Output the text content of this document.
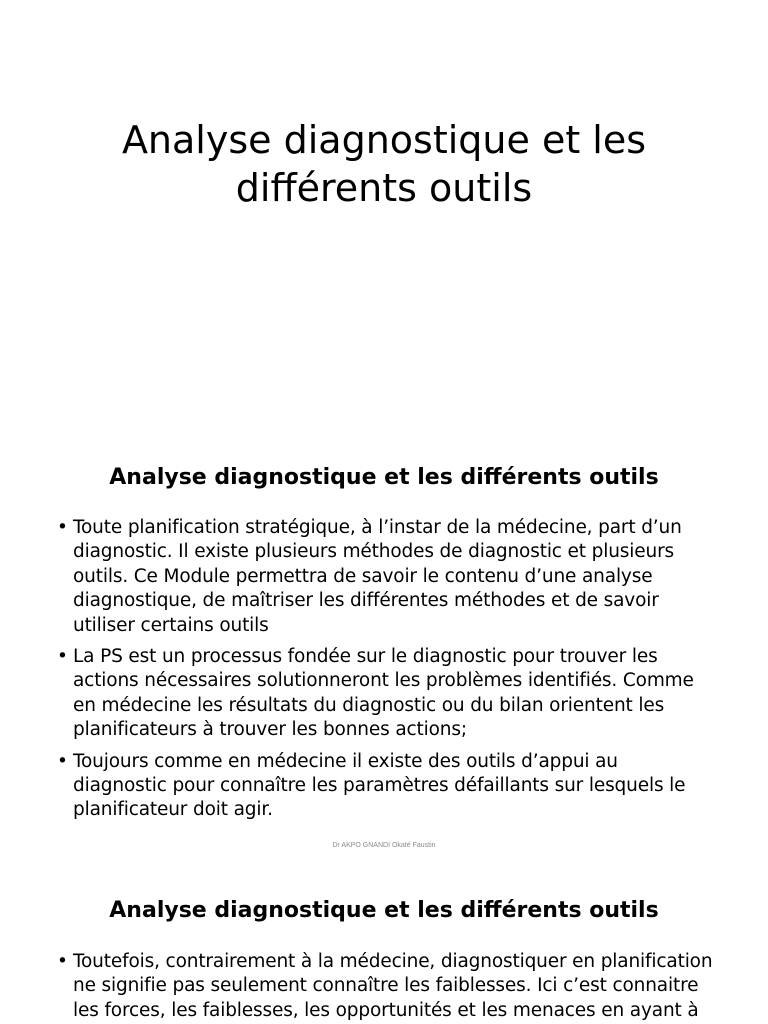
Analyse diagnostique et les
différents outils
Analyse diagnostique et les différents outils
• Toute planification stratégique, à l’instar de la médecine, part d’un diagnostic. Il existe plusieurs méthodes de diagnostic et plusieurs outils. Ce Module permettra de savoir le contenu d’une analyse diagnostique, de maîtriser les différentes méthodes et de savoir utiliser certains outils
• La PS est un processus fondée sur le diagnostic pour trouver les actions nécessaires solutionneront les problèmes identifiés. Comme en médecine les résultats du diagnostic ou du bilan orientent les planificateurs à trouver les bonnes actions;
• Toujours comme en médecine il existe des outils d’appui au diagnostic pour connaître les paramètres défaillants sur lesquels le planificateur doit agir.
Dr AKPO GNANDI Okaté Faustin
Analyse diagnostique et les différents outils
• Toutefois, contrairement à la médecine, diagnostiquer en planification ne signifie pas seulement connaître les faiblesses. Ici c’est connaitre les forces, les faiblesses, les opportunités et les menaces en ayant à
